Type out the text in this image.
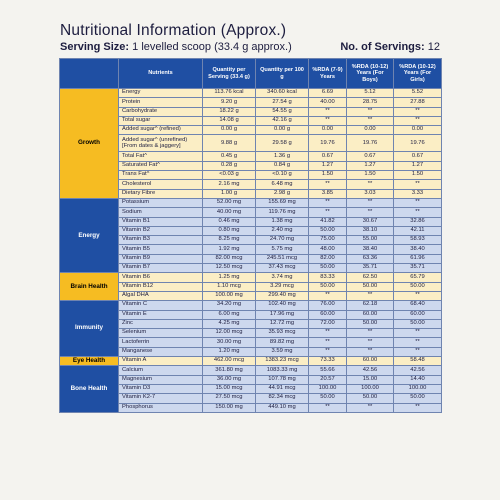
Nutritional Information (Approx.)
Serving Size: 1 levelled scoop (33.4 g approx.)	No. of Servings: 12
	Nutrients	Quantity per Serving (33.4 g)	Quantity per 100 g	%RDA (7-9) Years	%RDA (10-12) Years (For Boys)	%RDA (10-12) Years (For Girls)
Growth	Energy	113.76 kcal	340.60 kcal	6.69	5.12	5.52
	Protein	9.20 g	27.54 g	40.00	28.75	27.88
	Carbohydrate	18.22 g	54.55 g	**	**	**
	Total sugar	14.08 g	42.16 g	**	**	**
	Added sugar^ (refined)	0.00 g	0.00 g	0.00	0.00	0.00
	Added sugar^ (unrefined) [From dates & jaggery]	9.88 g	29.58 g	19.76	19.76	19.76
	Total Fat^	0.45 g	1.36 g	0.67	0.67	0.67
	Saturated Fat^	0.28 g	0.84 g	1.27	1.27	1.27
	Trans Fat^	<0.03 g	<0.10 g	1.50	1.50	1.50
	Cholesterol	2.16 mg	6.48 mg	**	**	**
	Dietary Fibre	1.00 g	2.98 g	3.85	3.03	3.33
Energy	Potassium	52.00 mg	155.69 mg	**	**	**
	Sodium	40.00 mg	119.76 mg	**	**	**
	Vitamin B1	0.46 mg	1.38 mg	41.82	30.67	32.86
	Vitamin B2	0.80 mg	2.40 mg	50.00	38.10	42.11
	Vitamin B3	8.25 mg	24.70 mg	75.00	55.00	58.93
	Vitamin B5	1.92 mg	5.75 mg	48.00	38.40	38.40
	Vitamin B9	82.00 mcg	245.51 mcg	82.00	63.36	61.96
	Vitamin B7	12.50 mcg	37.43 mcg	50.00	35.71	35.71
Brain Health	Vitamin B6	1.25 mg	3.74 mg	83.33	62.50	65.79
	Vitamin B12	1.10 mcg	3.29 mcg	50.00	50.00	50.00
	Algal DHA	100.00 mg	299.40 mg	**	**	**
Immunity	Vitamin C	34.20 mg	102.40 mg	76.00	62.18	68.40
	Vitamin E	6.00 mg	17.96 mg	60.00	60.00	60.00
	Zinc	4.25 mg	12.72 mg	72.00	50.00	50.00
	Selenium	12.00 mcg	35.93 mcg	**	**	**
	Lactoferrin	30.00 mg	89.82 mg	**	**	**
	Manganese	1.20 mg	3.59 mg	**	**	**
Eye Health	Vitamin A	462.00 mcg	1383.23 mcg	73.33	60.00	58.48
Bone Health	Calcium	361.80 mg	1083.33 mg	55.66	42.56	42.56
	Magnesium	36.00 mg	107.78 mg	20.57	15.00	14.40
	Vitamin D3	15.00 mcg	44.91 mcg	100.00	100.00	100.00
	Vitamin K2-7	27.50 mcg	82.34 mcg	50.00	50.00	50.00
	Phosphorus	150.00 mg	449.10 mg	**	**	**
